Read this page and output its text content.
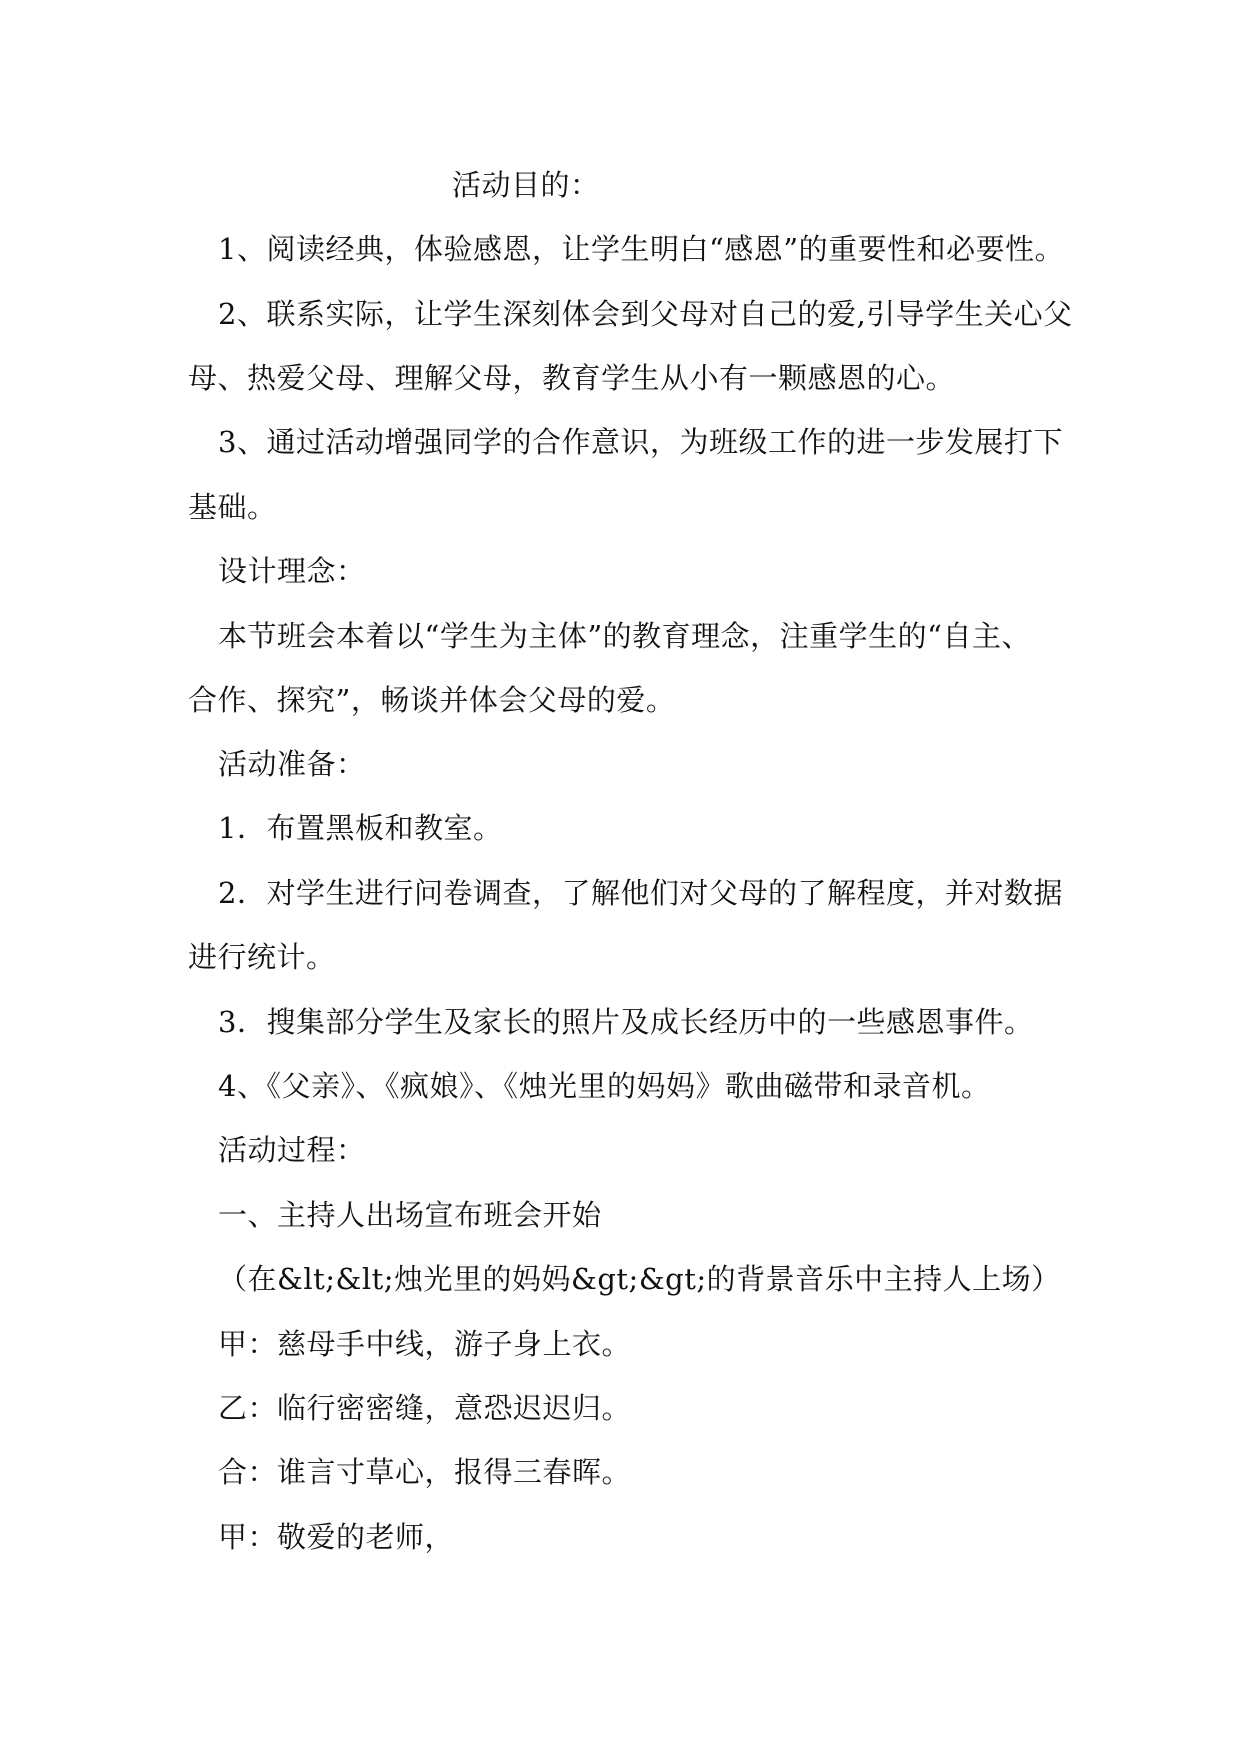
活动目的：
1、阅读经典，体验感恩，让学生明白“感恩”的重要性和必要性。
2、联系实际，让学生深刻体会到父母对自己的爱,引导学生关心父
母、热爱父母、理解父母，教育学生从小有一颗感恩的心。
3、通过活动增强同学的合作意识，为班级工作的进一步发展打下
基础。
设计理念：
本节班会本着以“学生为主体”的教育理念，注重学生的“自主、
合作、探究”，畅谈并体会父母的爱。
活动准备：
1．布置黑板和教室。
2．对学生进行问卷调查，了解他们对父母的了解程度，并对数据
进行统计。
3．搜集部分学生及家长的照片及成长经历中的一些感恩事件。
4、《父亲》、《疯娘》、《烛光里的妈妈》歌曲磁带和录音机。
活动过程：
一、主持人出场宣布班会开始
（在&lt;&lt;烛光里的妈妈&gt;&gt;的背景音乐中主持人上场）
甲：慈母手中线，游子身上衣。
乙：临行密密缝，意恐迟迟归。
合：谁言寸草心，报得三春晖。
甲：敬爱的老师，
